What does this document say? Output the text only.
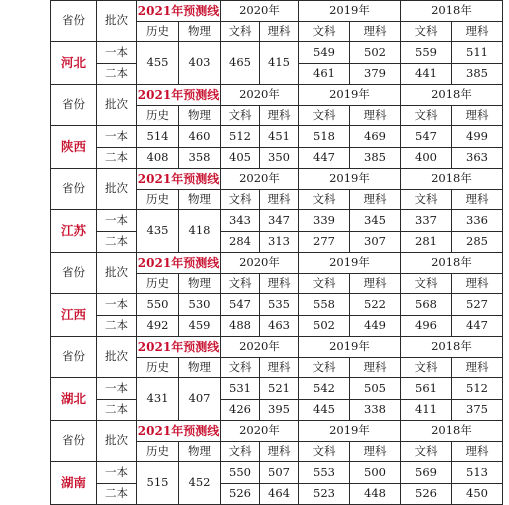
省份	批次	2021年预测线		2020年		2019年		2018年	
		历史	物理	文科	理科	文科	理科	文科	理科
河北	一本	455	403	465	415	549	502	559	511
	二本					461	379	441	385
省份	批次	2021年预测线		2020年		2019年		2018年	
		历史	物理	文科	理科	文科	理科	文科	理科
陕西	一本	514	460	512	451	518	469	547	499
	二本	408	358	405	350	447	385	400	363
省份	批次	2021年预测线		2020年		2019年		2018年	
		历史	物理	文科	理科	文科	理科	文科	理科
江苏	一本	435	418	343	347	339	345	337	336
	二本			284	313	277	307	281	285
省份	批次	2021年预测线		2020年		2019年		2018年	
		历史	物理	文科	理科	文科	理科	文科	理科
江西	一本	550	530	547	535	558	522	568	527
	二本	492	459	488	463	502	449	496	447
省份	批次	2021年预测线		2020年		2019年		2018年	
		历史	物理	文科	理科	文科	理科	文科	理科
湖北	一本	431	407	531	521	542	505	561	512
	二本			426	395	445	338	411	375
省份	批次	2021年预测线		2020年		2019年		2018年	
		历史	物理	文科	理科	文科	理科	文科	理科
湖南	一本	515	452	550	507	553	500	569	513
	二本			526	464	523	448	526	450
